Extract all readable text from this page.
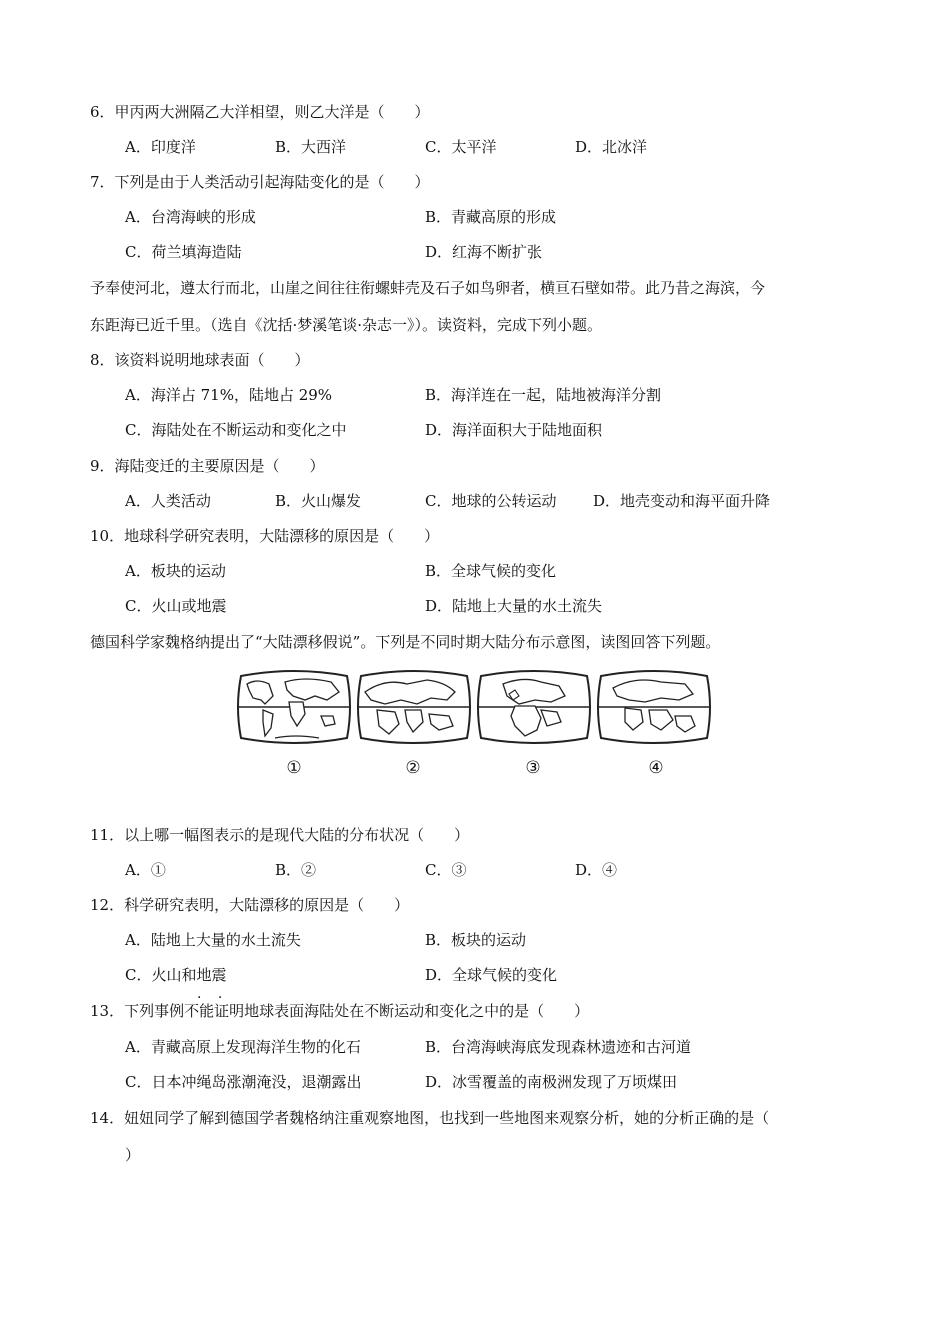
6．甲丙两大洲隔乙大洋相望，则乙大洋是（　　）
A．印度洋	B．大西洋	C．太平洋	D．北冰洋
7．下列是由于人类活动引起海陆变化的是（　　）
A．台湾海峡的形成	B．青藏高原的形成
C．荷兰填海造陆	D．红海不断扩张
予奉使河北，遵太行而北，山崖之间往往衔螺蚌壳及石子如鸟卵者，横亘石壁如带。此乃昔之海滨，今
东距海已近千里。（选自《沈括·梦溪笔谈·杂志一》）。读资料，完成下列小题。
8．该资料说明地球表面（　　）
A．海洋占 71%，陆地占 29%	B．海洋连在一起，陆地被海洋分割
C．海陆处在不断运动和变化之中	D．海洋面积大于陆地面积
9．海陆变迁的主要原因是（　　）
A．人类活动	B．火山爆发	C．地球的公转运动 D．地壳变动和海平面升降
10．地球科学研究表明，大陆漂移的原因是（　　）
A．板块的运动	B．全球气候的变化
C．火山或地震	D．陆地上大量的水土流失
德国科学家魏格纳提出了“大陆漂移假说”。下列是不同时期大陆分布示意图，读图回答下列题。
①	②	③	④
11．以上哪一幅图表示的是现代大陆的分布状况（　　）
A．①	B．②	C．③	D．④
12．科学研究表明，大陆漂移的原因是（　　）
A．陆地上大量的水土流失	B．板块的运动
C．火山和地震	D．全球气候的变化
· ·
13．下列事例不能证明地球表面海陆处在不断运动和变化之中的是（　　）
A．青藏高原上发现海洋生物的化石	B．台湾海峡海底发现森林遗迹和古河道
C．日本冲绳岛涨潮淹没，退潮露出	D．冰雪覆盖的南极洲发现了万顷煤田
14．妞妞同学了解到德国学者魏格纳注重观察地图，也找到一些地图来观察分析，她的分析正确的是（
）
